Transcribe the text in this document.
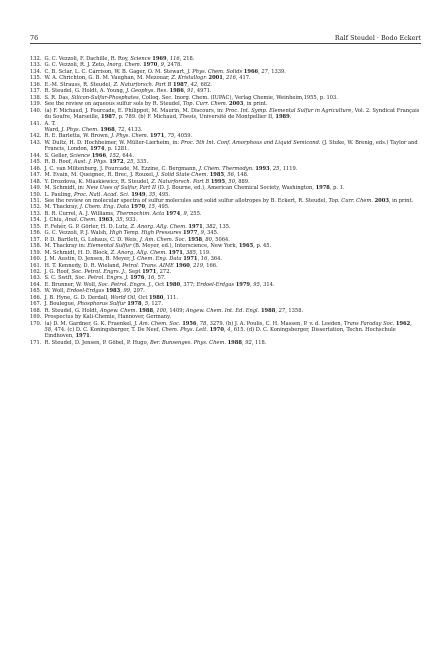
76	Ralf Steudel · Bodo Eckert

132. G. C. Vezzoli, F. Dachille, R. Roy, Science 1969, 116, 218.

133. G. C. Vezzoli, R. J. Zeto, Inorg. Chem. 1970, 9, 2478.

134. C. B. Sclar, L. C. Carrison, W. B. Gager, O. M. Stewart, J. Phys. Chem. Solids 1966, 27, 1339.

135. W. A. Chrichton, G. B. M. Vaughan, M. Mezouar, Z. Kristallogr. 2001, 216, 417.

136. E.-M. Strauss, R. Steudel, Z. Naturforsch. Part B 1987, 42, 682.

137. R. Steudel, G. Holdt, A. Young, J. Geophys. Res. 1986, 91, 4971.

138. S. R. Das, Silicon-Sulfur-Phosphates, Colloq. Sec. Inorg. Chem. (IUPAC), Verlag Chemie, Weinheim,1955, p. 103.

139. See the review on aqueous sulfur sols by R. Steudel, Top. Curr. Chem. 2003, in print.

140. (a) F. Michaud, J. Fourcade, E. Philippot, M. Maurin, M. Discours, in: Proc. Int. Symp. Elemental Sulfur in Agriculture, Vol. 2. Syndicat Français du Soufre, Marseille, 1987, p. 789. (b) F. Michaud, Thesis, Université de Montpellier II, 1989.

141. A. T.

Ward, J. Phys. Chem. 1968, 72, 4133.

142. R. E. Barletta, W. Brown, J. Phys. Chem. 1971, 75, 4059.

143. W. Dultz, H. D. Hochheimer, W. Müller-Lierheim, in: Proc. 5th Int. Conf. Amorphous and Liquid Semicond. (J. Stuke, W. Brenig, eds.) Taylor and Francis, London, 1974, p. 1281.

144. S. Geller, Science 1966, 152, 644.

145. R. B. Roof, Aust. J. Phys. 1972, 25, 335.

146. J. C. van Miltenburg, J. Fourcade, M. Ezzine, C. Bergmann, J. Chem. Thermodyn. 1993, 25, 1119.

147. M. Evain, M. Queignec, R. Brec, J. Rouxel, J. Solid State Chem. 1985, 56, 148.

148. Y. Drozdova, K. Miaskiewicz, R. Steudel, Z. Naturforsch. Part B 1995, 50, 889.

149. M. Schmidt, in: New Uses of Sulfur, Part II (D. J. Bourne, ed.), American Chemical Society, Washington, 1978, p. 1.

150. L. Pauling, Proc. Natl. Acad. Sci. 1949, 35, 495.

151. See the review on molecular spectra of sulfur molecules and solid sulfur allotropes by B. Eckert, R. Steudel, Top. Curr. Chem. 2003, in print.

152. M. Thackray, J. Chem. Eng. Data 1970, 15, 495.

153. B. R. Currel, A. J. Williams, Thermochim. Acta 1974, 9, 255.

154. J. Chiu, Anal. Chem. 1963, 35, 933.

155. F. Fehér, G. P. Görler, H. D. Lutz, Z. Anorg. Allg. Chem. 1971, 382, 135.

156. G. C. Vezzoli, P. J. Walsh, High Temp. High Pressures 1977, 9, 345.

157. P. D. Bartlett, G. Lohaus, C. D. Weis, J. Am. Chem. Soc. 1958, 80, 5064.

158. M. Thackray in: Elemental Sulfur (B. Meyer, ed.), Interscience, New York, 1965, p. 45.

159. M. Schmidt, H. D. Block, Z. Anorg. Allg. Chem. 1971, 385, 119.

160. J. M. Austin, D. Jensen, B. Meyer, J. Chem. Eng. Data 1971, 16, 364.

161. H. T. Kennedy, D. R. Wieland, Petrol. Trans. AIME 1960, 219, 166.

162. J. G. Roof, Soc. Petrol. Engrs. J., Sept 1971, 272.

163. S. C. Swift, Soc. Petrol. Engrs. J. 1976, 16, 57.

164. E. Brunner, W. Woll, Soc. Petrol. Engrs. J., Oct 1980, 377; Erdoel-Erdgas 1979, 95, 314.

165. W. Woll, Erdoel-Erdgas 1983, 99, 297.

166. J. B. Hyne, G. D. Derdall, World Oil, Oct 1980, 111.

167. J. Boulegue, Phosphorus Sulfur 1978, 5, 127.

168. R. Steudel, G. Holdt, Angew. Chem. 1988, 100, 1409; Angew. Chem. Int. Ed. Engl. 1988, 27, 1358.

169. Prospectus by Kali-Chemie, Hannover, Germany.

170. (a) D. M. Gardner, G. K. Fraenkel, J. Am. Chem. Soc. 1956, 78, 3279. (b) J. A. Poulis, C. H. Massen, P. v. d. Leeden, Trans Faraday Soc. 1962, 58, 474. (c) D. C. Koningsberger, T. De Neef, Chem. Phys. Lett. 1970, 4, 615. (d) D. C. Koningsberger, Dissertation, Techn. Hochschule Eindhoven, 1971.

171. R. Steudel, D. Jensen, P. Göbel, P. Hugo, Ber. Bunsenges. Phys. Chem. 1988, 92, 118.
